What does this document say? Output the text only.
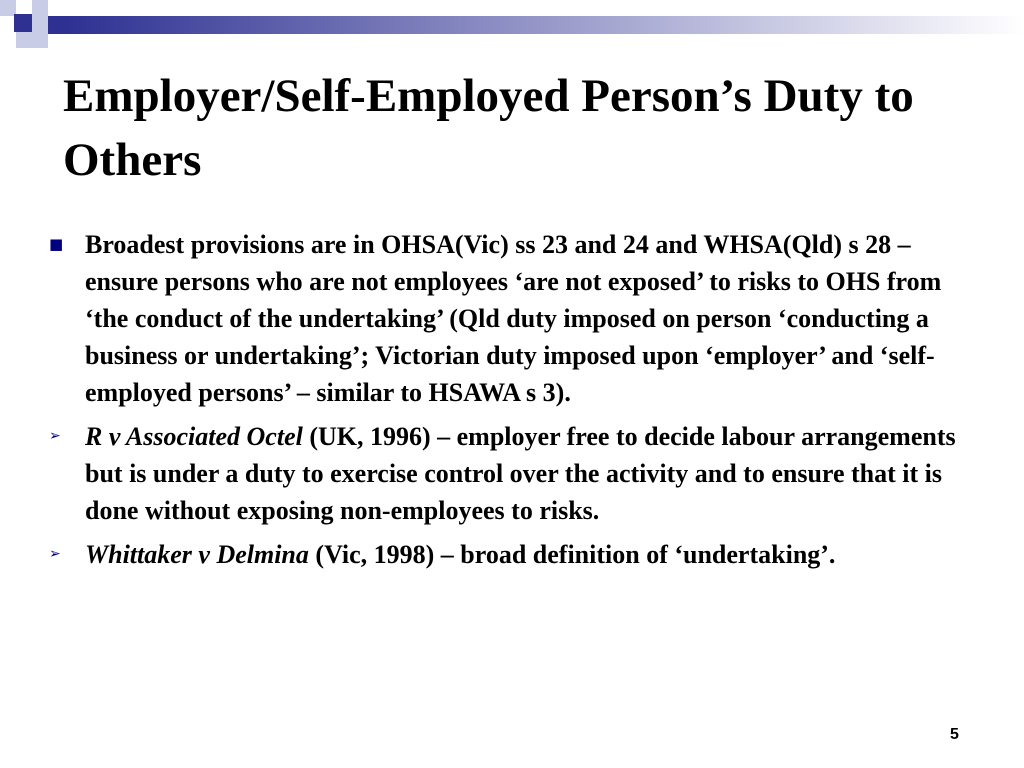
Employer/Self-Employed Person’s Duty to Others
■ Broadest provisions are in OHSA(Vic) ss 23 and 24 and WHSA(Qld) s 28 – ensure persons who are not employees ‘are not exposed’ to risks to OHS from ‘the conduct of the undertaking’ (Qld duty imposed on person ‘conducting a business or undertaking’; Victorian duty imposed upon ‘employer’ and ‘self-employed persons’ – similar to HSAWA s 3).
➢ R v Associated Octel (UK, 1996) – employer free to decide labour arrangements but is under a duty to exercise control over the activity and to ensure that it is done without exposing non-employees to risks.
➢ Whittaker v Delmina (Vic, 1998) – broad definition of ‘undertaking’.
5
